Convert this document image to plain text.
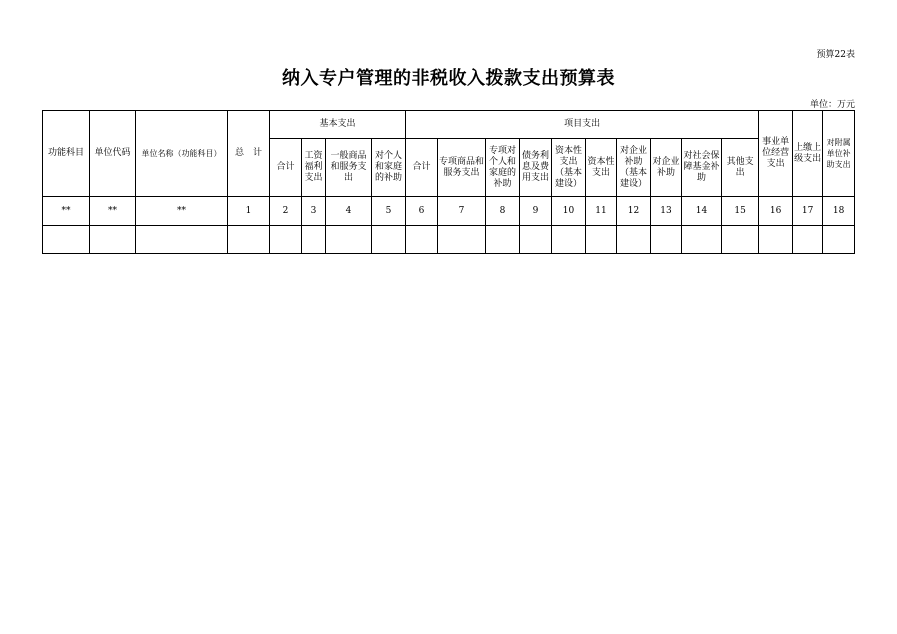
预算22表
纳入专户管理的非税收入拨款支出预算表
单位：万元
功能科目	单位代码	单位名称（功能科目）	总　计	基本支出				项目支出										事业单位经营支出	上缴上级支出	对附属单位补助支出
				合计	工资福利支出	一般商品和服务支出	对个人和家庭的补助	合计	专项商品和服务支出	专项对个人和家庭的补助	债务利息及费用支出	资本性支出（基本建设）	资本性支出	对企业补助（基本建设）	对企业补助	对社会保障基金补助	其他支出			
**	**	**	1	2	3	4	5	6	7	8	9	10	11	12	13	14	15	16	17	18
